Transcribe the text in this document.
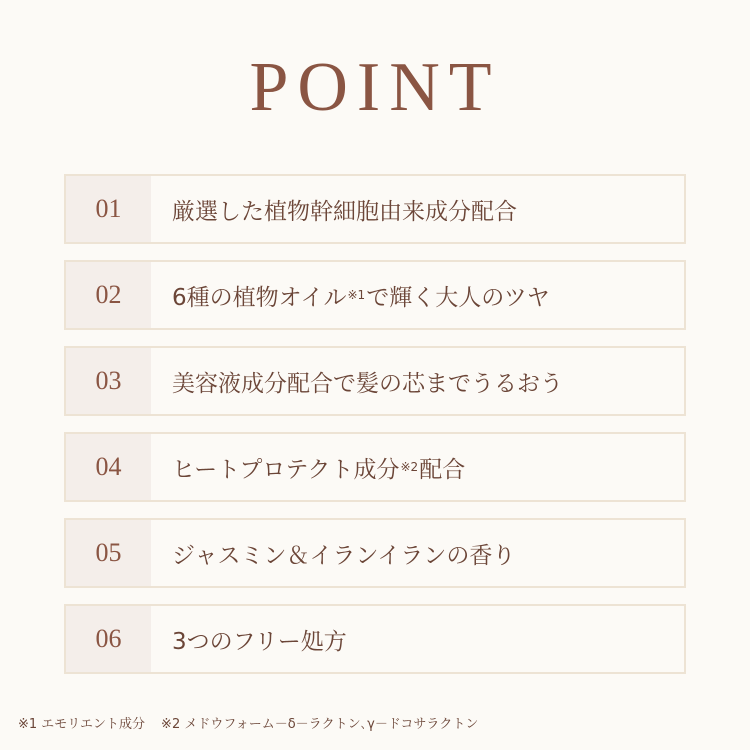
POINT
01	厳選した植物幹細胞由来成分配合
02	6種の植物オイル ※1 で輝く大人のツヤ
03	美容液成分配合で髪の芯までうるおう
04	ヒートプロテクト成分 ※2 配合
05	ジャスミン＆イランイランの香り
06	3つのフリー処方
※1 エモリエント成分 ※2 メドウフォーム－δ－ラクトン､γ－ドコサラクトン
